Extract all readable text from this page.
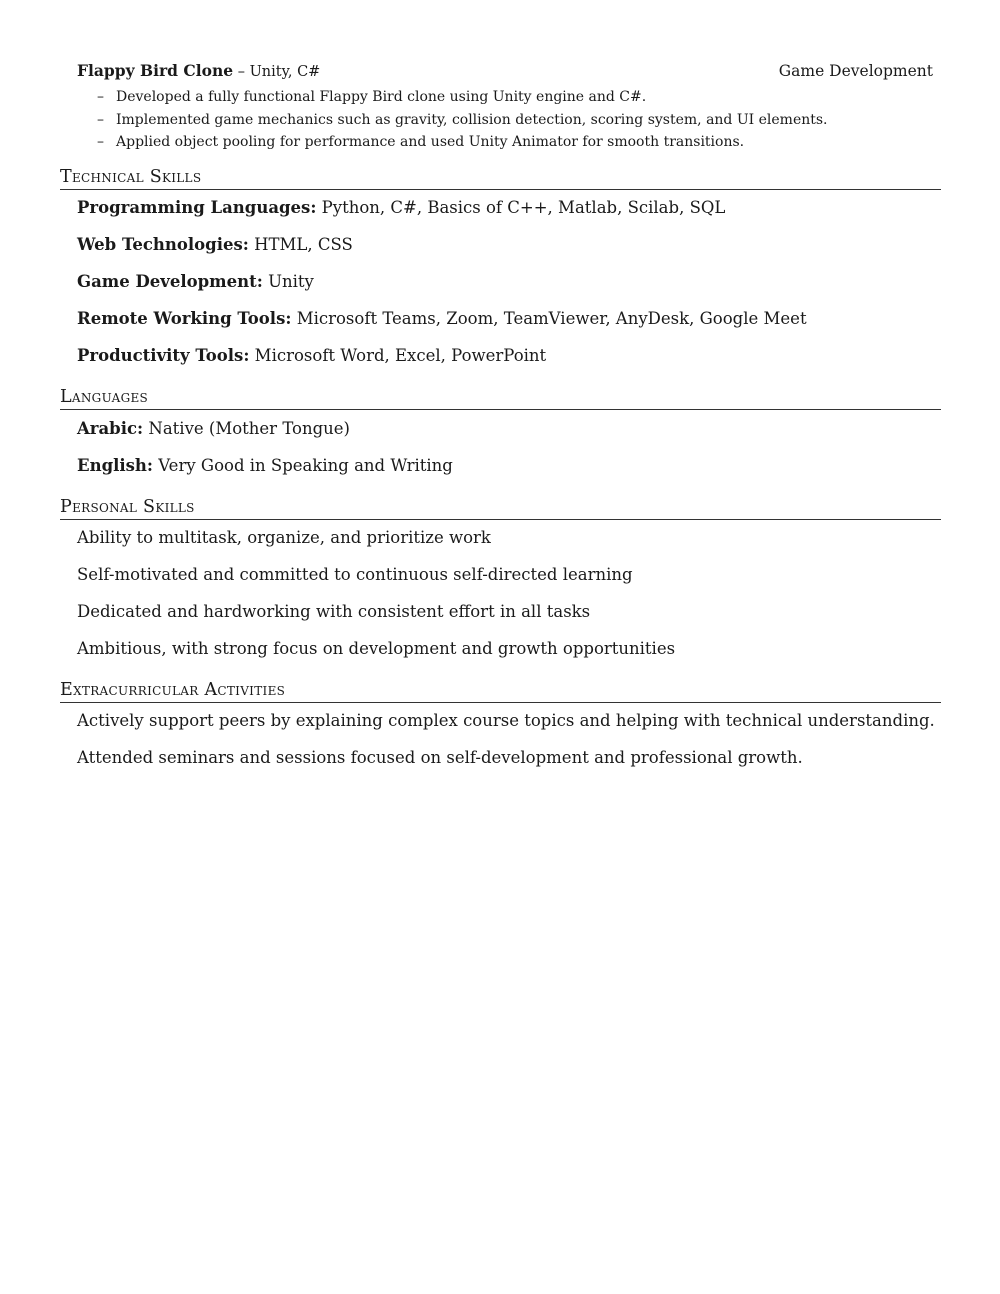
Flappy Bird Clone – Unity, C#	Game Development
– Developed a fully functional Flappy Bird clone using Unity engine and C#.
– Implemented game mechanics such as gravity, collision detection, scoring system, and UI elements.
– Applied object pooling for performance and used Unity Animator for smooth transitions.
Technical Skills
Programming Languages: Python, C#, Basics of C++, Matlab, Scilab, SQL
Web Technologies: HTML, CSS
Game Development: Unity
Remote Working Tools: Microsoft Teams, Zoom, TeamViewer, AnyDesk, Google Meet
Productivity Tools: Microsoft Word, Excel, PowerPoint
Languages
Arabic: Native (Mother Tongue)
English: Very Good in Speaking and Writing
Personal Skills
Ability to multitask, organize, and prioritize work
Self-motivated and committed to continuous self-directed learning
Dedicated and hardworking with consistent effort in all tasks
Ambitious, with strong focus on development and growth opportunities
Extracurricular Activities
Actively support peers by explaining complex course topics and helping with technical understanding.
Attended seminars and sessions focused on self-development and professional growth.
